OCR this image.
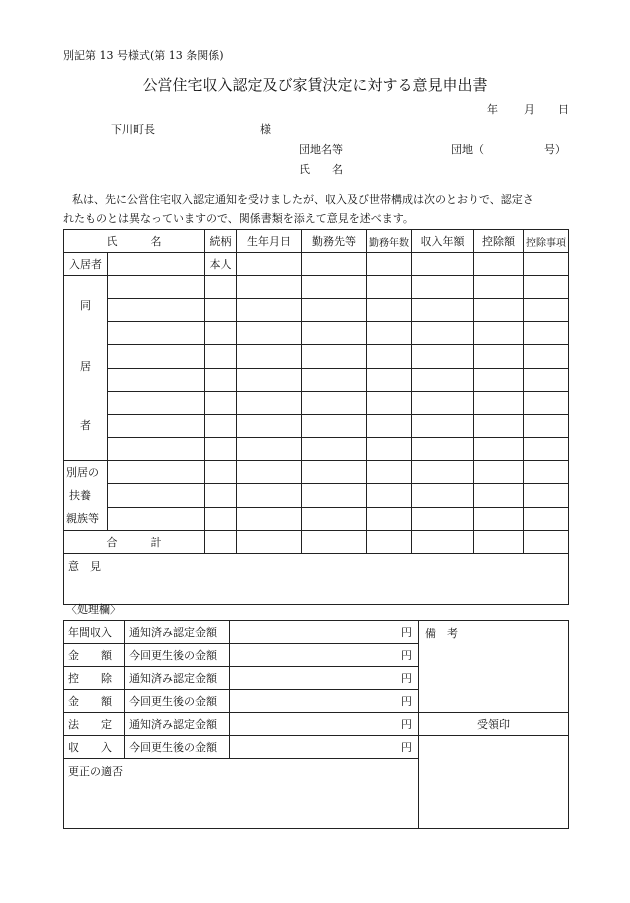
別記第 13 号様式(第 13 条関係)
公営住宅収入認定及び家賃決定に対する意見申出書
年 月 日
下川町長	様
団地名等	団地（	号）
氏　　名
私は、先に公営住宅収入認定通知を受けましたが、収入及び世帯構成は次のとおりで、認定さ
れたものとは異なっていますので、関係書類を添えて意見を述べます。
氏　　　名		続柄	生年月日	勤務先等	勤務年数	収入年額	控除額	控除事項
入居者		本人						

同
居
者								

別居の
扶養
親族等								

合　　　計								
意　見								
〈処理欄〉
年間収入	通知済み認定金額	円	備　考
金　　額	今回更生後の金額	円	
控　　除	通知済み認定金額	円	
金　　額	今回更生後の金額	円	
法　　定	通知済み認定金額	円	受領印
収　　入	今回更生後の金額	円	
更正の適否			
